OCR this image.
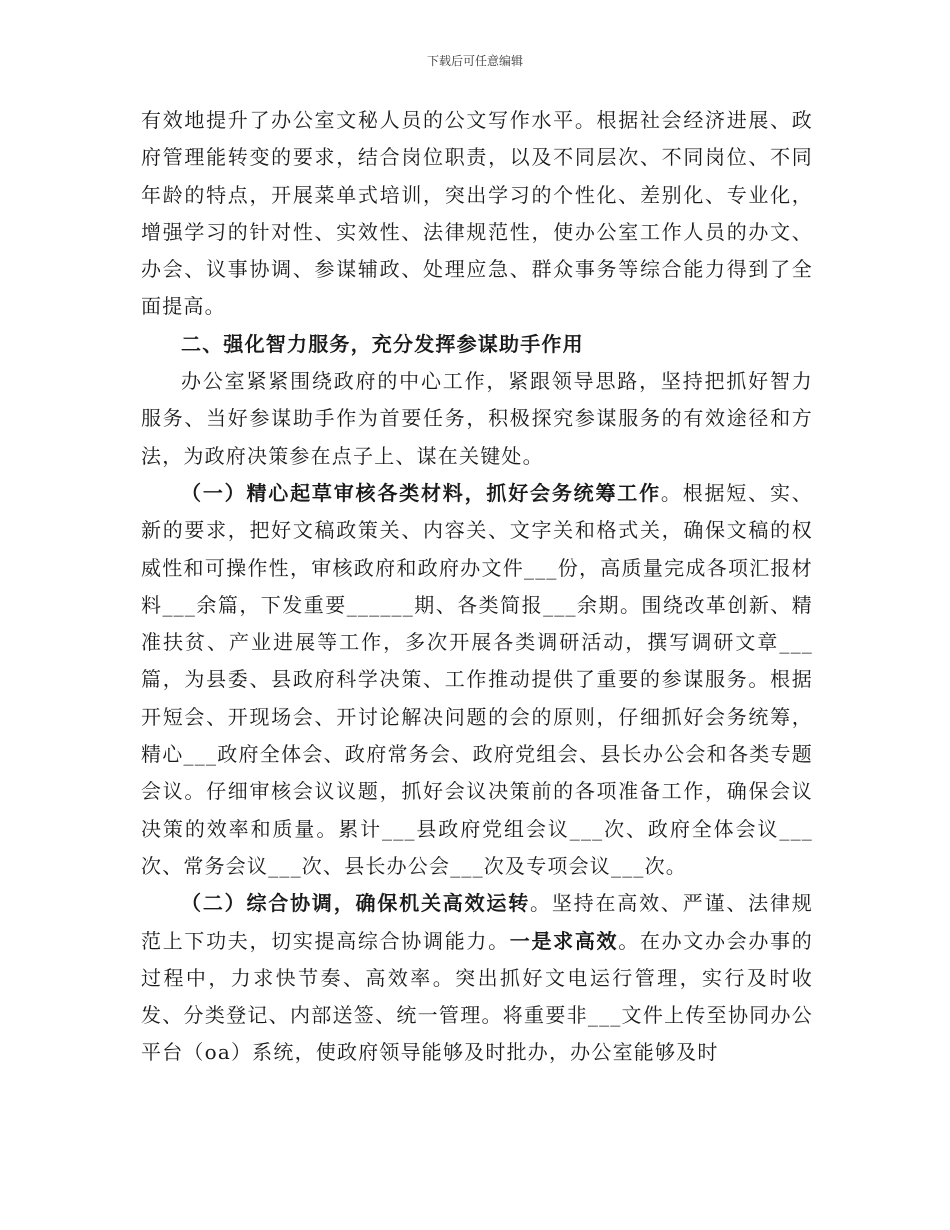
下载后可任意编辑

有效地提升了办公室文秘人员的公文写作水平。根据社会经济进展、政府管理能转变的要求，结合岗位职责，以及不同层次、不同岗位、不同年龄的特点，开展菜单式培训，突出学习的个性化、差别化、专业化，增强学习的针对性、实效性、法律规范性，使办公室工作人员的办文、办会、议事协调、参谋辅政、处理应急、群众事务等综合能力得到了全面提高。

二、强化智力服务，充分发挥参谋助手作用

办公室紧紧围绕政府的中心工作，紧跟领导思路，坚持把抓好智力服务、当好参谋助手作为首要任务，积极探究参谋服务的有效途径和方法，为政府决策参在点子上、谋在关键处。

（一）精心起草审核各类材料，抓好会务统筹工作。根据短、实、新的要求，把好文稿政策关、内容关、文字关和格式关，确保文稿的权威性和可操作性，审核政府和政府办文件___份，高质量完成各项汇报材料___余篇，下发重要______期、各类简报___余期。围绕改革创新、精准扶贫、产业进展等工作，多次开展各类调研活动，撰写调研文章___篇，为县委、县政府科学决策、工作推动提供了重要的参谋服务。根据开短会、开现场会、开讨论解决问题的会的原则，仔细抓好会务统筹，精心___政府全体会、政府常务会、政府党组会、县长办公会和各类专题会议。仔细审核会议议题，抓好会议决策前的各项准备工作，确保会议决策的效率和质量。累计___县政府党组会议___次、政府全体会议___次、常务会议___次、县长办公会___次及专项会议___次。

（二）综合协调，确保机关高效运转。坚持在高效、严谨、法律规范上下功夫，切实提高综合协调能力。一是求高效。在办文办会办事的过程中，力求快节奏、高效率。突出抓好文电运行管理，实行及时收发、分类登记、内部送签、统一管理。将重要非___文件上传至协同办公平台（oa）系统，使政府领导能够及时批办，办公室能够及时
